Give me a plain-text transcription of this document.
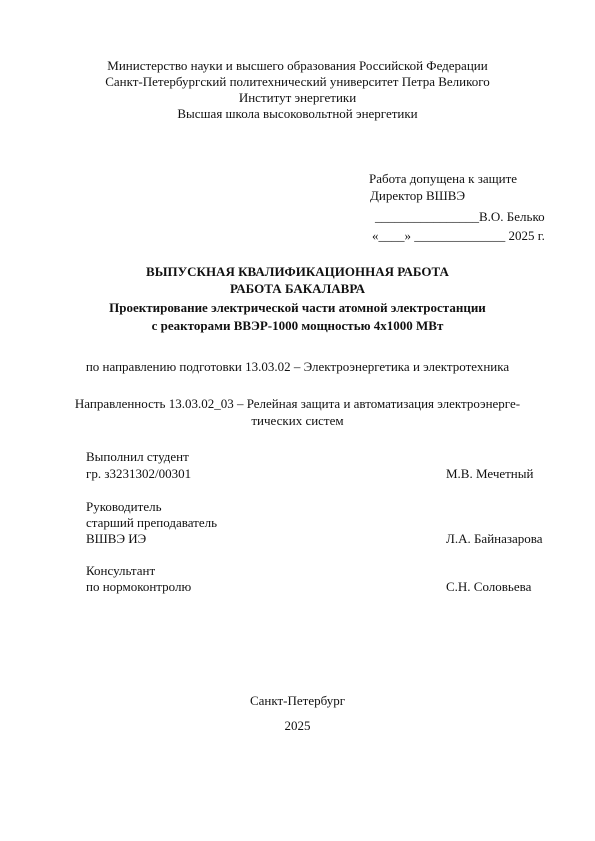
Министерство науки и высшего образования Российской Федерации
Санкт-Петербургский политехнический университет Петра Великого
Институт энергетики
Высшая школа высоковольтной энергетики
Работа допущена к защите
Директор ВШВЭ
________________В.О. Белько
«____» ______________ 2025 г.
ВЫПУСКНАЯ КВАЛИФИКАЦИОННАЯ РАБОТА
РАБОТА БАКАЛАВРА
Проектирование электрической части атомной электростанции
с реакторами ВВЭР-1000 мощностью 4х1000 МВт
по направлению подготовки 13.03.02 – Электроэнергетика и электротехника
Направленность 13.03.02_03 – Релейная защита и автоматизация электроэнерге-
тических систем
Выполнил студент
гр. з3231302/00301	М.В. Мечетный
Руководитель
старший преподаватель
ВШВЭ ИЭ	Л.А. Байназарова
Консультант
по нормоконтролю	С.Н. Соловьева
Санкт-Петербург
2025
